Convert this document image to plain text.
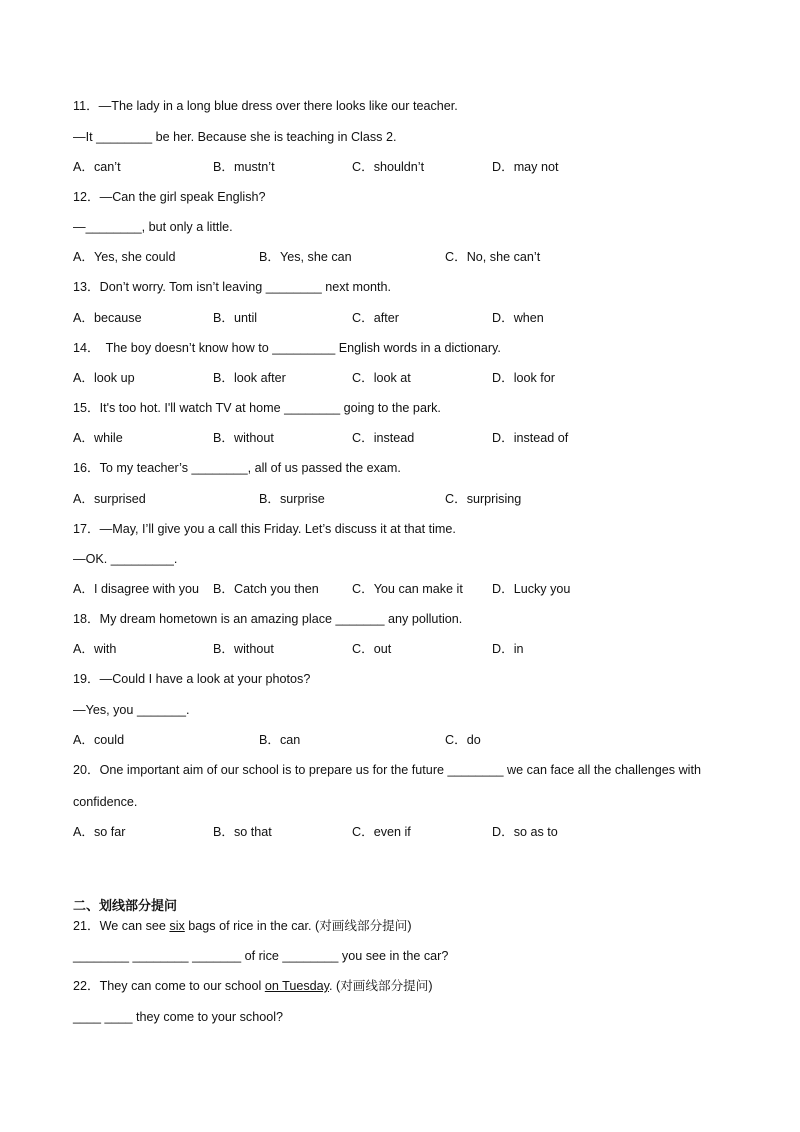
11．—The lady in a long blue dress over there looks like our teacher.
—It ________ be her. Because she is teaching in Class 2.
A．can’t	B．mustn’t	C．shouldn’t	D．may not
12．—Can the girl speak English?
—________, but only a little.
A．Yes, she could	B．Yes, she can	C．No, she can’t
13．Don’t worry. Tom isn’t leaving ________ next month.
A．because	B．until	C．after	D．when
14． The boy doesn’t know how to _________ English words in a dictionary.
A．look up	B．look after	C．look at	D．look for
15．It's too hot. I'll watch TV at home ________ going to the park.
A．while	B．without	C．instead	D．instead of
16．To my teacher’s ________, all of us passed the exam.
A．surprised	B．surprise	C．surprising
17．—May, I’ll give you a call this Friday. Let’s discuss it at that time.
—OK. _________.
A．I disagree with you B．Catch you then	C．You can make it D．Lucky you
18．My dream hometown is an amazing place _______ any pollution.
A．with	B．without	C．out	D．in
19．—Could I have a look at your photos?
—Yes, you _______.
A．could	B．can	C．do
20．One important aim of our school is to prepare us for the future ________ we can face all the challenges with
confidence.
A．so far	B．so that	C．even if	D．so as to
二、划线部分提问
21．We can see six bags of rice in the car. (对画线部分提问)
________ ________ _______ of rice ________ you see in the car?
22．They can come to our school on Tuesday. (对画线部分提问)
____ ____ they come to your school?
